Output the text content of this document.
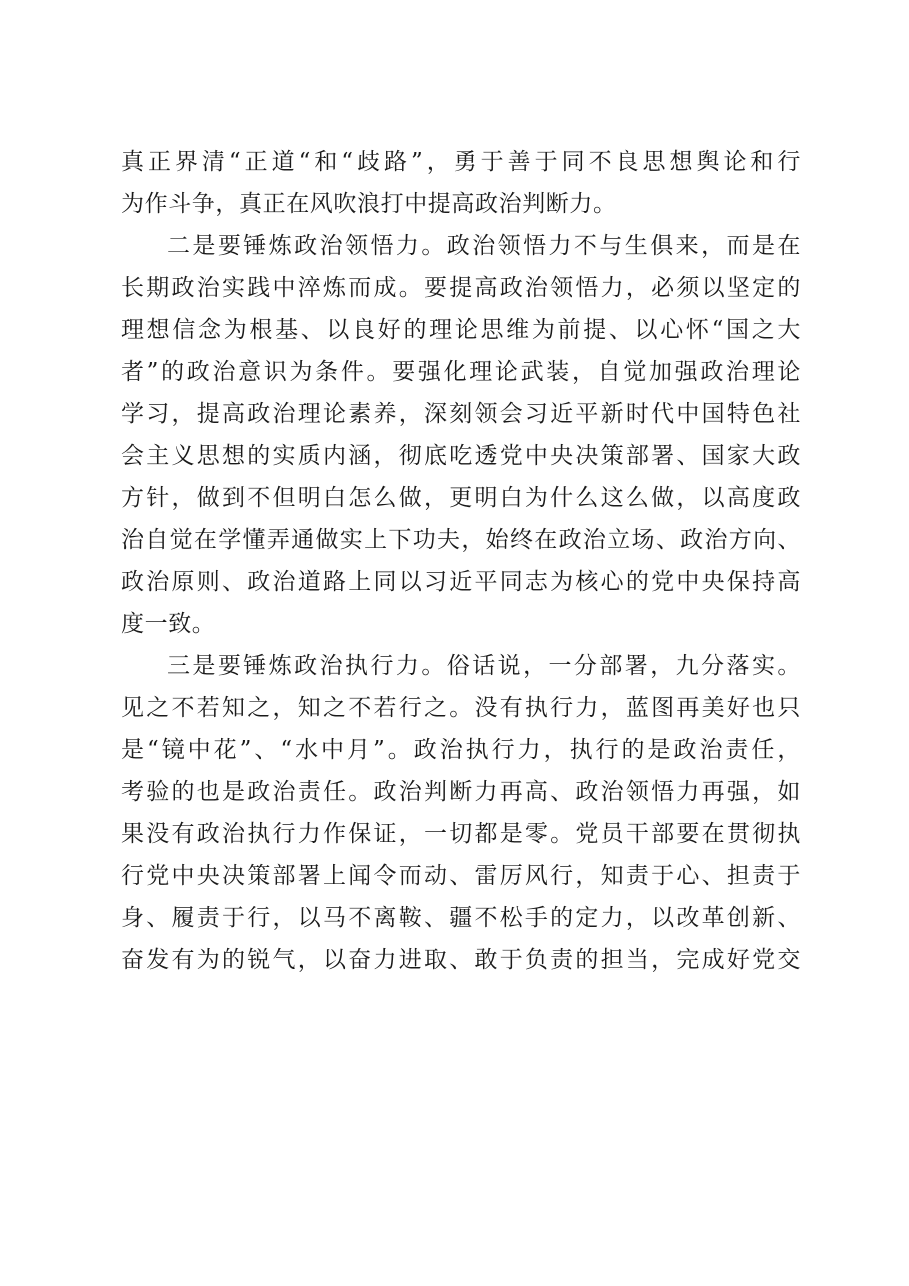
真正界清“正道“和“歧路”，勇于善于同不良思想舆论和行
为作斗争，真正在风吹浪打中提高政治判断力。
二是要锤炼政治领悟力。政治领悟力不与生俱来，而是在
长期政治实践中淬炼而成。要提高政治领悟力，必须以坚定的
理想信念为根基、以良好的理论思维为前提、以心怀“国之大
者”的政治意识为条件。要强化理论武装，自觉加强政治理论
学习，提高政治理论素养，深刻领会习近平新时代中国特色社
会主义思想的实质内涵，彻底吃透党中央决策部署、国家大政
方针，做到不但明白怎么做，更明白为什么这么做，以高度政
治自觉在学懂弄通做实上下功夫，始终在政治立场、政治方向、
政治原则、政治道路上同以习近平同志为核心的党中央保持高
度一致。
三是要锤炼政治执行力。俗话说，一分部署，九分落实。
见之不若知之，知之不若行之。没有执行力，蓝图再美好也只
是“镜中花”、“水中月”。政治执行力，执行的是政治责任，
考验的也是政治责任。政治判断力再高、政治领悟力再强，如
果没有政治执行力作保证，一切都是零。党员干部要在贯彻执
行党中央决策部署上闻令而动、雷厉风行，知责于心、担责于
身、履责于行，以马不离鞍、疆不松手的定力，以改革创新、
奋发有为的锐气，以奋力进取、敢于负责的担当，完成好党交
